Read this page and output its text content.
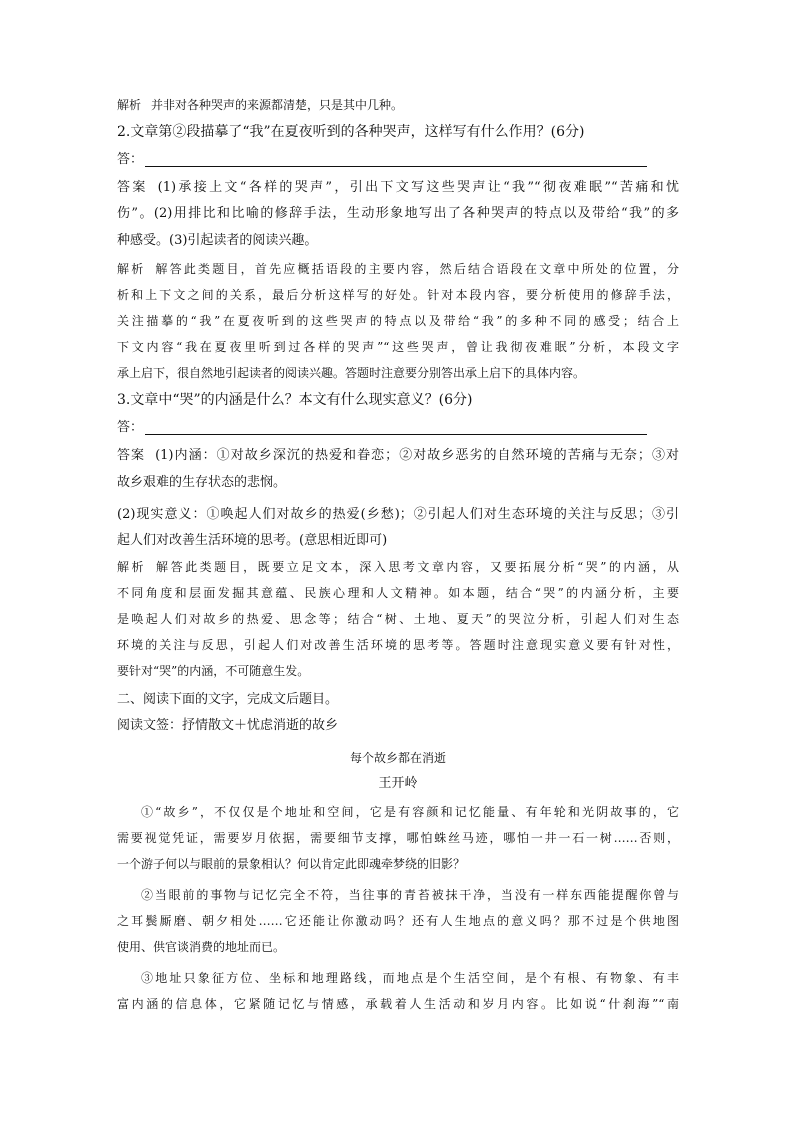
解析 并非对各种哭声的来源都清楚，只是其中几种。
2.文章第②段描摹了“我”在夏夜听到的各种哭声，这样写有什么作用？(6分)
答：
答案 (1)承接上文“各样的哭声”，引出下文写这些哭声让“我”“彻夜难眠”“苦痛和忧
伤”。(2)用排比和比喻的修辞手法，生动形象地写出了各种哭声的特点以及带给“我”的多
种感受。(3)引起读者的阅读兴趣。
解析 解答此类题目，首先应概括语段的主要内容，然后结合语段在文章中所处的位置，分
析和上下文之间的关系，最后分析这样写的好处。针对本段内容，要分析使用的修辞手法，
关注描摹的“我”在夏夜听到的这些哭声的特点以及带给“我”的多种不同的感受；结合上
下文内容“我在夏夜里听到过各样的哭声”“这些哭声，曾让我彻夜难眠”分析，本段文字
承上启下，很自然地引起读者的阅读兴趣。答题时注意要分别答出承上启下的具体内容。
3.文章中“哭”的内涵是什么？本文有什么现实意义？(6分)
答：
答案 (1)内涵：①对故乡深沉的热爱和眷恋；②对故乡恶劣的自然环境的苦痛与无奈；③对
故乡艰难的生存状态的悲悯。
(2)现实意义：①唤起人们对故乡的热爱(乡愁)；②引起人们对生态环境的关注与反思；③引
起人们对改善生活环境的思考。(意思相近即可)
解析 解答此类题目，既要立足文本，深入思考文章内容，又要拓展分析“哭”的内涵，从
不同角度和层面发掘其意蕴、民族心理和人文精神。如本题，结合“哭”的内涵分析，主要
是唤起人们对故乡的热爱、思念等；结合“树、土地、夏天”的哭泣分析，引起人们对生态
环境的关注与反思，引起人们对改善生活环境的思考等。答题时注意现实意义要有针对性，
要针对“哭”的内涵，不可随意生发。
二、阅读下面的文字，完成文后题目。
阅读文签：抒情散文＋忧虑消逝的故乡
每个故乡都在消逝
王开岭
①“故乡”，不仅仅是个地址和空间，它是有容颜和记忆能量、有年轮和光阴故事的，它
需要视觉凭证，需要岁月依据，需要细节支撑，哪怕蛛丝马迹，哪怕一井一石一树……否则，
一个游子何以与眼前的景象相认？何以肯定此即魂牵梦绕的旧影？
②当眼前的事物与记忆完全不符，当往事的青苔被抹干净，当没有一样东西能提醒你曾与
之耳鬓厮磨、朝夕相处……它还能让你激动吗？还有人生地点的意义吗？那不过是个供地图
使用、供官谈消费的地址而已。
③地址只象征方位、坐标和地理路线，而地点是个生活空间，是个有根、有物象、有丰
富内涵的信息体，它紧随记忆与情感，承载着人生活动和岁月内容。比如说“什刹海”“南
